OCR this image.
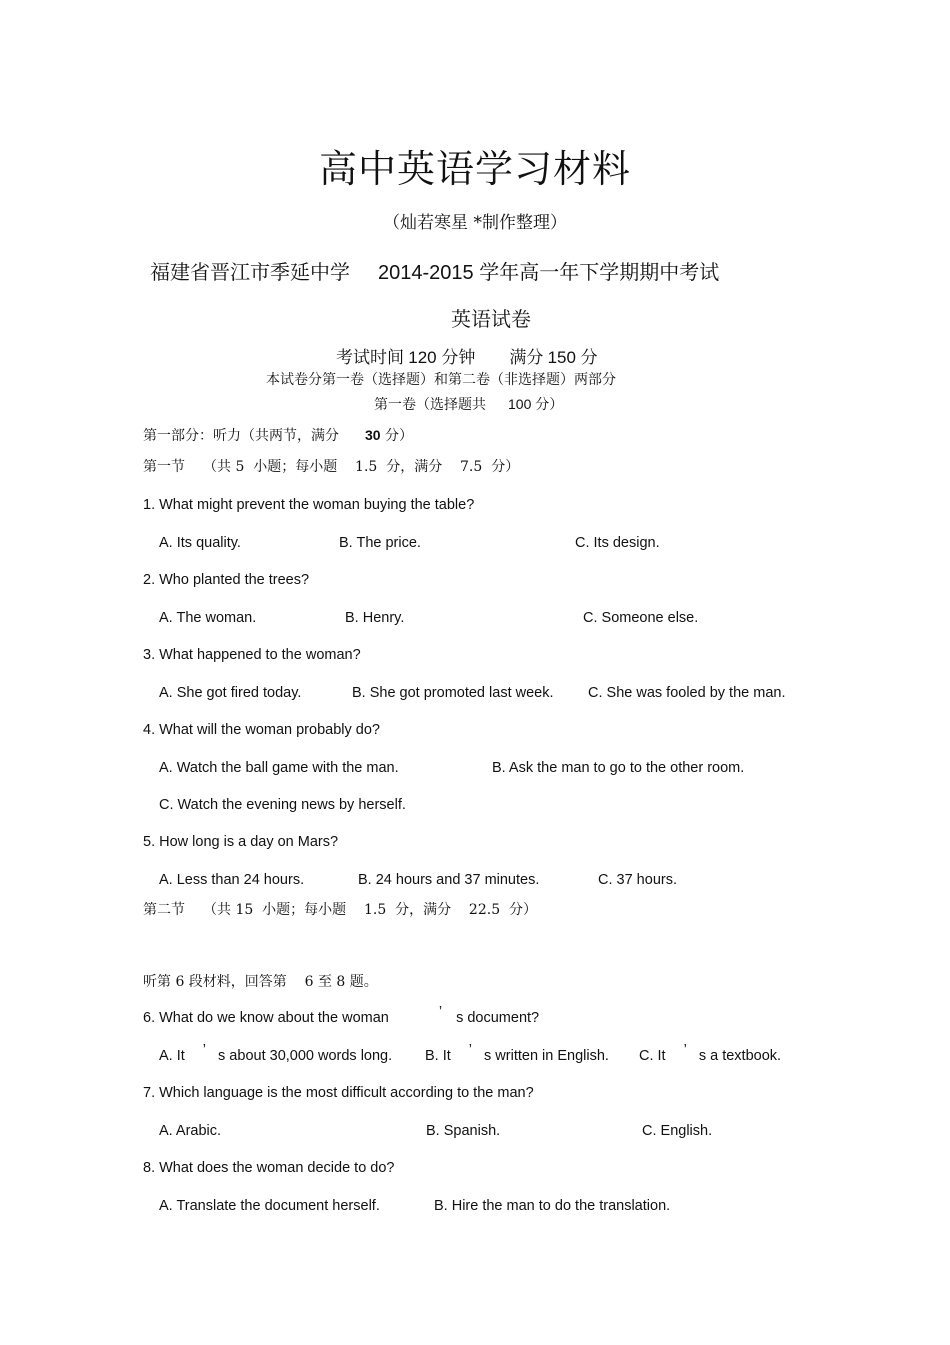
高中英语学习材料
（灿若寒星 *制作整理）
福建省晋江市季延中学 2014-2015 学年高一年下学期期中考试
英语试卷
考试时间 120 分钟 满分 150 分
本试卷分第一卷（选择题）和第二卷（非选择题）两部分
第一卷（选择题共 100 分）
第一部分：听力（共两节，满分 30 分）
第一节 （共 5  小题；每小题    1.5  分，满分    7.5  分）
1. What might prevent the woman buying the table?
A. Its quality.	B. The price.	C. Its design.
2. Who planted the trees?
A. The woman.	B. Henry.	C. Someone else.
3. What happened to the woman?
A. She got fired today.	B. She got promoted last week. C. She was fooled by the man.
4. What will the woman probably do?
A. Watch the ball game with the man.	B. Ask the man to go to the other room.
C. Watch the evening news by herself.
5. How long is a day on Mars?
A. Less than 24 hours.	B. 24 hours and 37 minutes.	C. 37 hours.
第二节 （共 15  小题；每小题    1.5  分，满分    22.5  分）
听第 6 段材料，回答第    6 至 8 题。
6. What do we know about the woman	’ s document?
A. It ’ s about 30,000 words long. B. It ’ s written in English. C. It ’ s a textbook.
7. Which language is the most difficult according to the man?
A. Arabic.	B. Spanish.	C. English.
8. What does the woman decide to do?
A. Translate the document herself.	B. Hire the man to do the translation.
